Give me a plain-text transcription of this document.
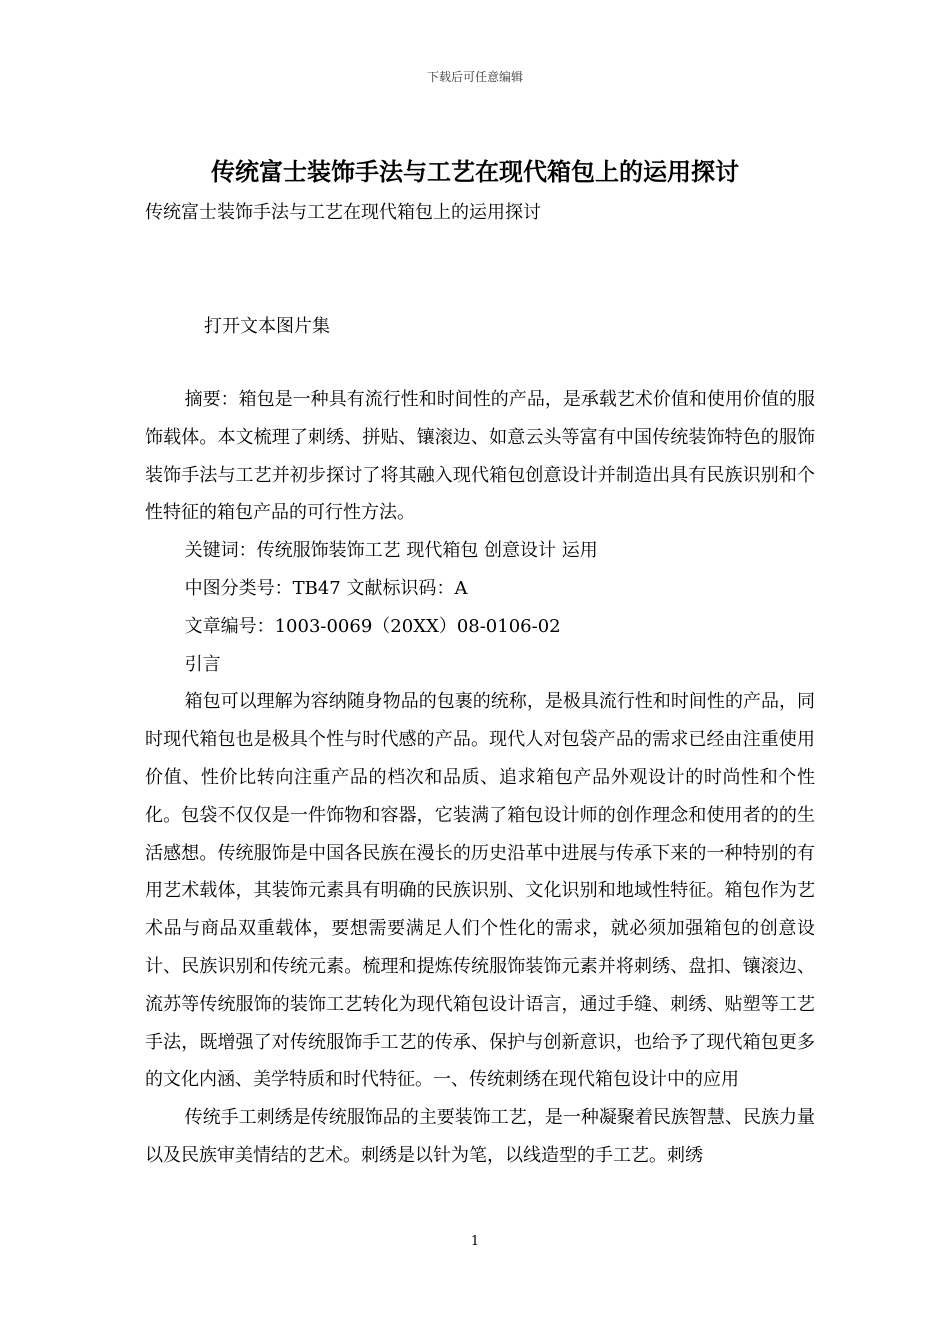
下载后可任意编辑
传统富士装饰手法与工艺在现代箱包上的运用探讨
传统富士装饰手法与工艺在现代箱包上的运用探讨
打开文本图片集

摘要：箱包是一种具有流行性和时间性的产品，是承载艺术价值和使用价值的服饰载体。本文梳理了刺绣、拼贴、镶滚边、如意云头等富有中国传统装饰特色的服饰装饰手法与工艺并初步探讨了将其融入现代箱包创意设计并制造出具有民族识别和个性特征的箱包产品的可行性方法。

关键词：传统服饰装饰工艺 现代箱包 创意设计 运用

中图分类号：TB47 文献标识码：A

文章编号：1003-0069（20XX）08-0106-02

引言

箱包可以理解为容纳随身物品的包裹的统称，是极具流行性和时间性的产品，同时现代箱包也是极具个性与时代感的产品。现代人对包袋产品的需求已经由注重使用价值、性价比转向注重产品的档次和品质、追求箱包产品外观设计的时尚性和个性化。包袋不仅仅是一件饰物和容器，它装满了箱包设计师的创作理念和使用者的的生活感想。传统服饰是中国各民族在漫长的历史沿革中进展与传承下来的一种特别的有用艺术载体，其装饰元素具有明确的民族识别、文化识别和地域性特征。箱包作为艺术品与商品双重载体，要想需要满足人们个性化的需求，就必须加强箱包的创意设计、民族识别和传统元素。梳理和提炼传统服饰装饰元素并将刺绣、盘扣、镶滚边、流苏等传统服饰的装饰工艺转化为现代箱包设计语言，通过手缝、刺绣、贴塑等工艺手法，既增强了对传统服饰手工艺的传承、保护与创新意识，也给予了现代箱包更多的文化内涵、美学特质和时代特征。一、传统刺绣在现代箱包设计中的应用

传统手工刺绣是传统服饰品的主要装饰工艺，是一种凝聚着民族智慧、民族力量以及民族审美情结的艺术。刺绣是以针为笔，以线造型的手工艺。刺绣

1
